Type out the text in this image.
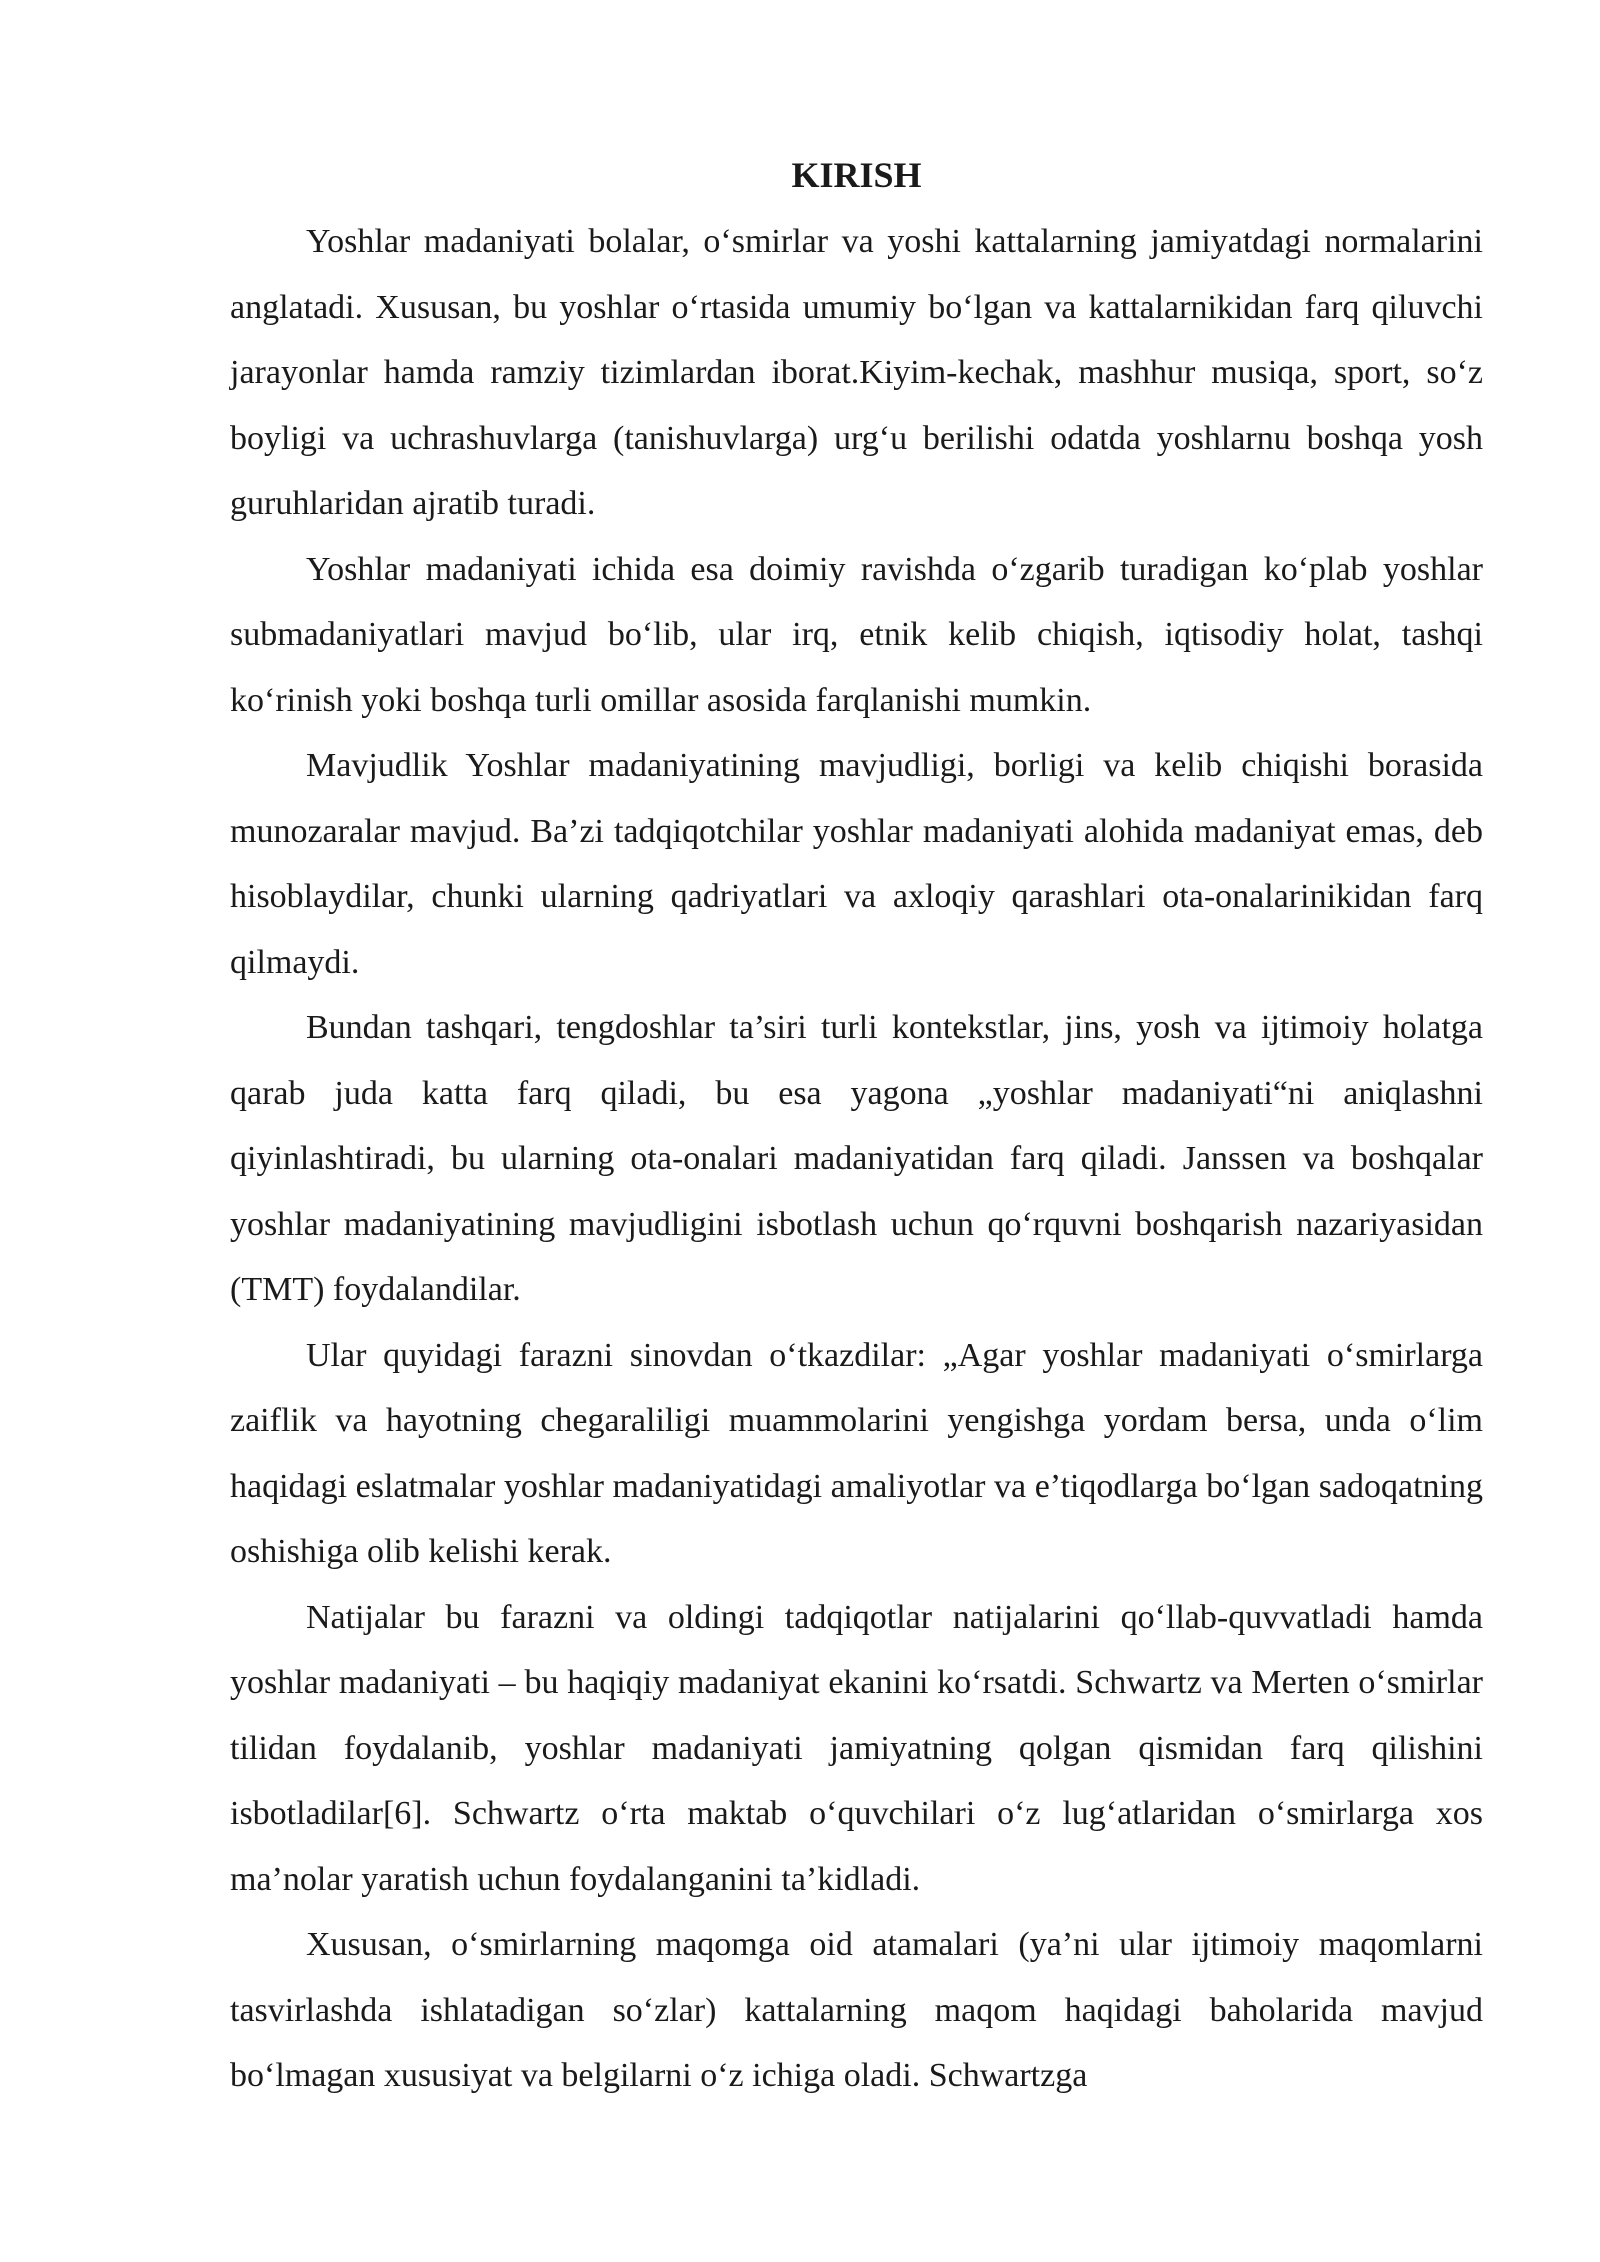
KIRISH

Yoshlar madaniyati bolalar, o‘smirlar va yoshi kattalarning jamiyatdagi normalarini anglatadi. Xususan, bu yoshlar o‘rtasida umumiy bo‘lgan va kattalarnikidan farq qiluvchi jarayonlar hamda ramziy tizimlardan iborat.Kiyim-kechak, mashhur musiqa, sport, so‘z boyligi va uchrashuvlarga (tanishuvlarga) urg‘u berilishi odatda yoshlarnu boshqa yosh guruhlaridan ajratib turadi.

Yoshlar madaniyati ichida esa doimiy ravishda o‘zgarib turadigan ko‘plab yoshlar submadaniyatlari mavjud bo‘lib, ular irq, etnik kelib chiqish, iqtisodiy holat, tashqi ko‘rinish yoki boshqa turli omillar asosida farqlanishi mumkin.

Mavjudlik Yoshlar madaniyatining mavjudligi, borligi va kelib chiqishi borasida munozaralar mavjud. Ba’zi tadqiqotchilar yoshlar madaniyati alohida madaniyat emas, deb hisoblaydilar, chunki ularning qadriyatlari va axloqiy qarashlari ota-onalarinikidan farq qilmaydi.

Bundan tashqari, tengdoshlar ta’siri turli kontekstlar, jins, yosh va ijtimoiy holatga qarab juda katta farq qiladi, bu esa yagona „yoshlar madaniyati“ni aniqlashni qiyinlashtiradi, bu ularning ota-onalari madaniyatidan farq qiladi. Janssen va boshqalar yoshlar madaniyatining mavjudligini isbotlash uchun qo‘rquvni boshqarish nazariyasidan (TMT) foydalandilar.

Ular quyidagi farazni sinovdan o‘tkazdilar: „Agar yoshlar madaniyati o‘smirlarga zaiflik va hayotning chegaraliligi muammolarini yengishga yordam bersa, unda o‘lim haqidagi eslatmalar yoshlar madaniyatidagi amaliyotlar va e’tiqodlarga bo‘lgan sadoqatning oshishiga olib kelishi kerak.

Natijalar bu farazni va oldingi tadqiqotlar natijalarini qo‘llab-quvvatladi hamda yoshlar madaniyati – bu haqiqiy madaniyat ekanini ko‘rsatdi. Schwartz va Merten o‘smirlar tilidan foydalanib, yoshlar madaniyati jamiyatning qolgan qismidan farq qilishini isbotladilar[6]. Schwartz o‘rta maktab o‘quvchilari o‘z lug‘atlaridan o‘smirlarga xos ma’nolar yaratish uchun foydalanganini ta’kidladi.

Xususan, o‘smirlarning maqomga oid atamalari (ya’ni ular ijtimoiy maqomlarni tasvirlashda ishlatadigan so‘zlar) kattalarning maqom haqidagi baholarida mavjud bo‘lmagan xususiyat va belgilarni o‘z ichiga oladi. Schwartzga
